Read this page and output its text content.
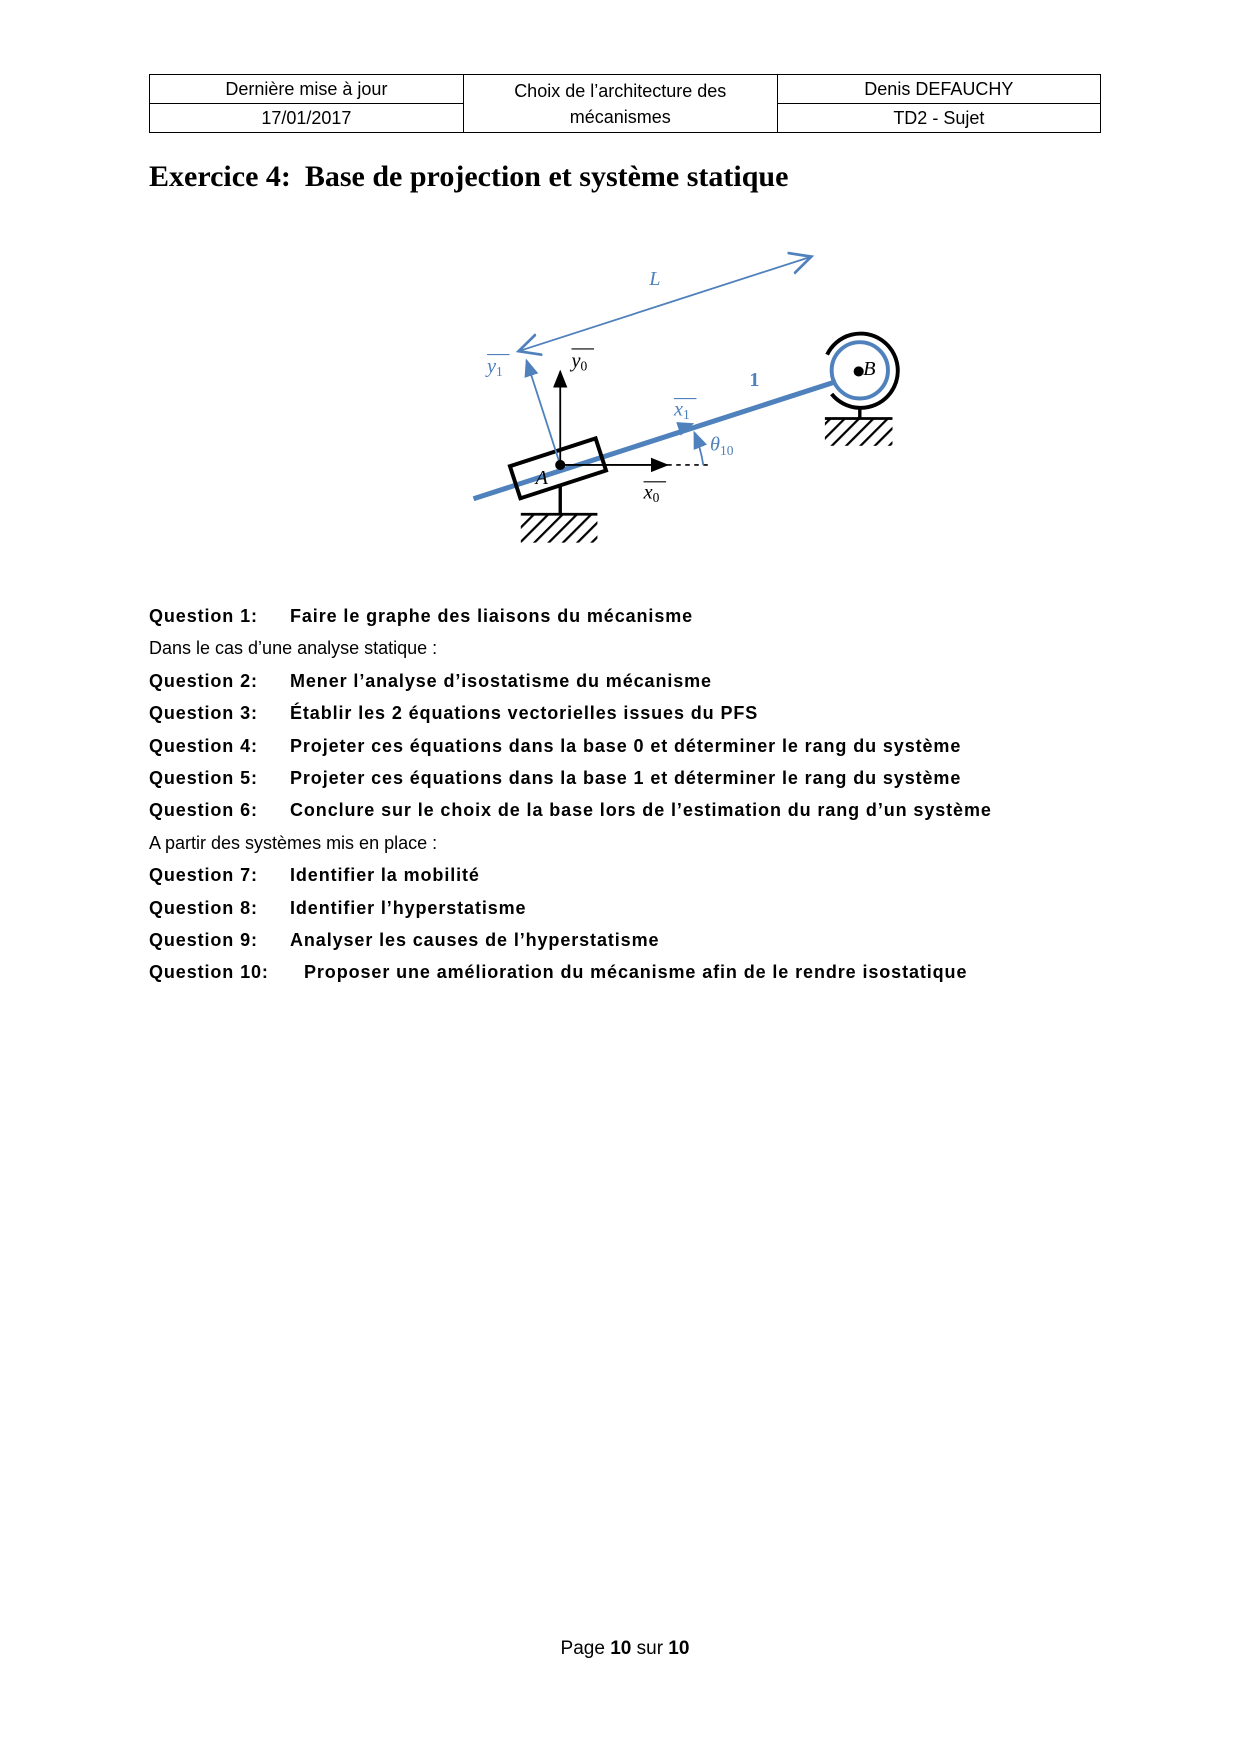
Dernière mise à jour	Choix de l’architecture des mécanismes	Denis DEFAUCHY
17/01/2017		TD2 - Sujet
Exercice 4: Base de projection et système statique
L
1
A
y1	y0
x1
x0
$\theta_{10}$
B
Question 1: Faire le graphe des liaisons du mécanisme
Dans le cas d’une analyse statique :
Question 2: Mener l’analyse d’isostatisme du mécanisme
Question 3: Établir les 2 équations vectorielles issues du PFS
Question 4: Projeter ces équations dans la base 0 et déterminer le rang du système
Question 5: Projeter ces équations dans la base 1 et déterminer le rang du système
Question 6: Conclure sur le choix de la base lors de l’estimation du rang d’un système
A partir des systèmes mis en place :
Question 7: Identifier la mobilité
Question 8: Identifier l’hyperstatisme
Question 9: Analyser les causes de l’hyperstatisme
Question 10: Proposer une amélioration du mécanisme afin de le rendre isostatique
Page 10 sur 10
